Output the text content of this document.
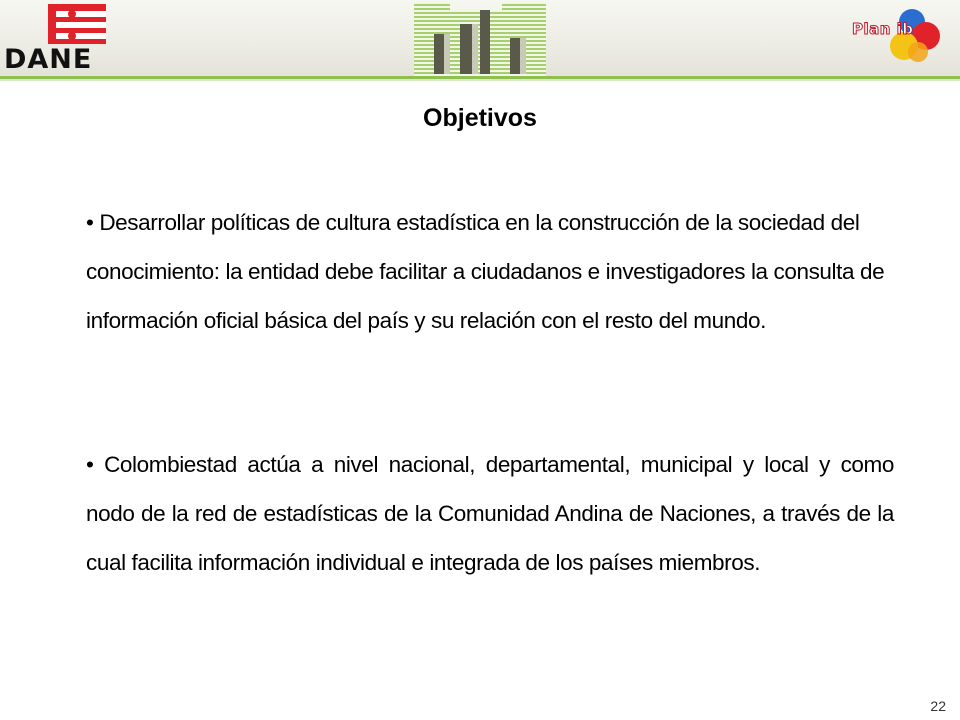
DANE
Plan ib
Objetivos
• Desarrollar políticas de cultura estadística en la construcción de la sociedad del conocimiento: la entidad debe facilitar a ciudadanos e investigadores la consulta de información oficial básica del país y su relación con el resto del mundo.
• Colombiestad actúa a nivel nacional, departamental, municipal y local y como nodo de la red de estadísticas de la Comunidad Andina de Naciones, a través de la cual facilita información individual e integrada de los países miembros.
22
